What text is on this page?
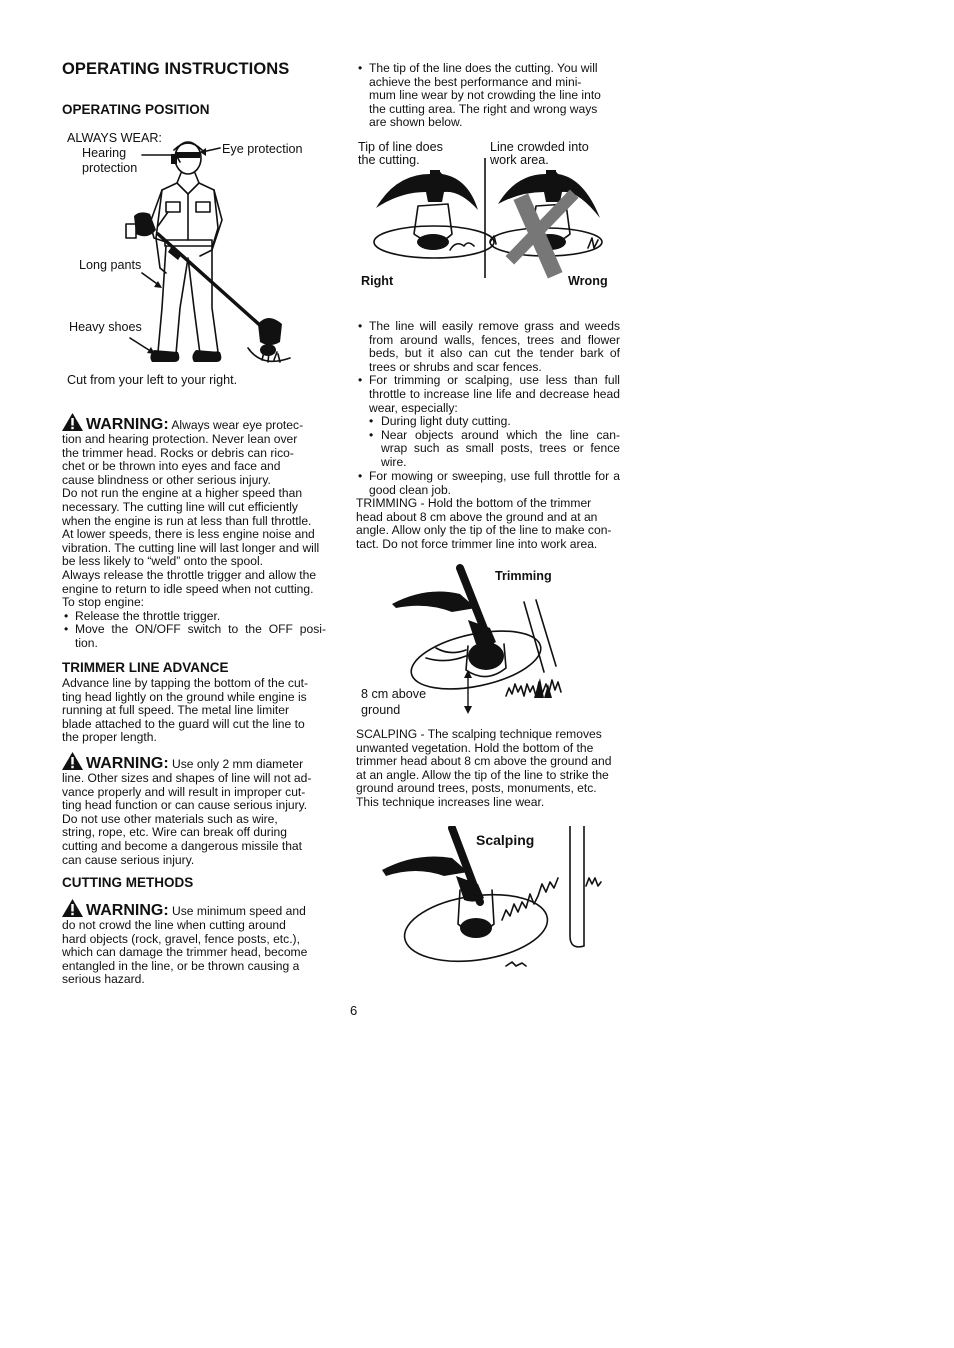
OPERATING INSTRUCTIONS
OPERATING POSITION
ALWAYS WEAR:
Hearing
protection
Eye protection
Long pants
Heavy shoes
Cut from your left to your right.
WARNING: Always wear eye protec-

tion and hearing protection. Never lean over
the trimmer head. Rocks or debris can rico-
chet or be thrown into eyes and face and
cause blindness or other serious injury.
Do not run the engine at a higher speed than
necessary. The cutting line will cut efficiently
when the engine is run at less than full throttle.
At lower speeds, there is less engine noise and
vibration. The cutting line will last longer and will
be less likely to “weld” onto the spool.
Always release the throttle trigger and allow the
engine to return to idle speed when not cutting.
To stop engine:

• Release the throttle trigger.
• Move the ON/OFF switch to the OFF posi- tion.
TRIMMER LINE ADVANCE

Advance line by tapping the bottom of the cut-
ting head lightly on the ground while engine is
running at full speed. The metal line limiter
blade attached to the guard will cut the line to
the proper length.

WARNING: Use only 2 mm diameter

line. Other sizes and shapes of line will not ad-
vance properly and will result in improper cut-
ting head function or can cause serious injury.
Do not use other materials such as wire,
string, rope, etc. Wire can break off during
cutting and become a dangerous missile that
can cause serious injury.

CUTTING METHODS
WARNING: Use minimum speed and

do not crowd the line when cutting around
hard objects (rock, gravel, fence posts, etc.),
which can damage the trimmer head, become
entangled in the line, or be thrown causing a
serious hazard.

6
• The tip of the line does the cutting. You will
achieve the best performance and mini-
mum line wear by not crowding the line into
the cutting area. The right and wrong ways
are shown below.
Tip of line does
the cutting.
Line crowded into
work area.
Right	Wrong
• The line will easily remove grass and weeds from around walls, fences, trees and flower beds, but it also can cut the tender bark of trees or shrubs and scar fences.
• For trimming or scalping, use less than full throttle to increase line life and decrease head wear, especially:
• During light duty cutting.
• Near objects around which the line can- wrap such as small posts, trees or fence wire.
• For mowing or sweeping, use full throttle for a good clean job.

TRIMMING - Hold the bottom of the trimmer
head about 8 cm above the ground and at an
angle. Allow only the tip of the line to make con-
tact. Do not force trimmer line into work area.

Trimming
8 cm above
ground

SCALPING - The scalping technique removes
unwanted vegetation. Hold the bottom of the
trimmer head about 8 cm above the ground and
at an angle. Allow the tip of the line to strike the
ground around trees, posts, monuments, etc.
This technique increases line wear.

Scalping
